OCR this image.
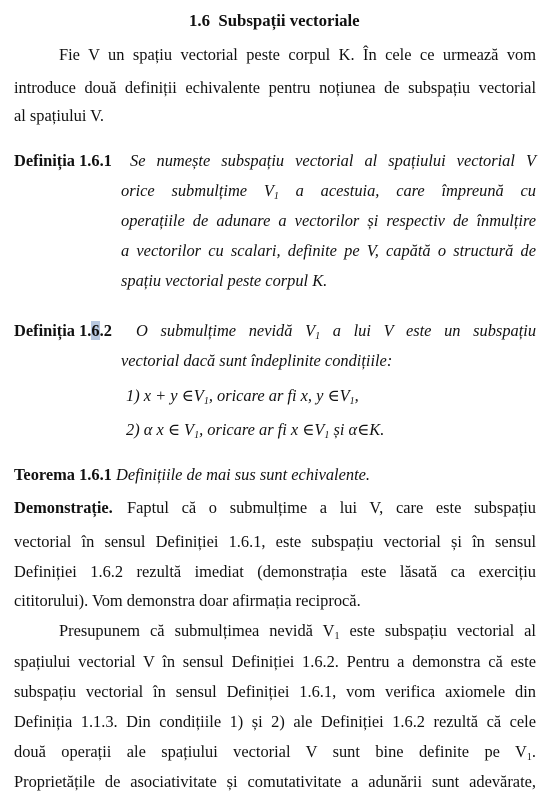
1.6 Subspații vectoriale
Fie V un spațiu vectorial peste corpul K. În cele ce urmează vom
introduce două definiții echivalente pentru noțiunea de subspațiu vectorial
al spațiului V.
Definiția 1.6.1 Se numește subspațiu vectorial al spațiului vectorial V
orice submulțime $V_1$ a acestuia, care împreună cu
operațiile de adunare a vectorilor și respectiv de înmulțire
a vectorilor cu scalari, definite pe V, capătă o structură de
spațiu vectorial peste corpul K.
Definiția 1.6.2 O submulțime nevidă $V_1$ a lui V este un subspațiu
vectorial dacă sunt îndeplinite condițiile:
1) x + y $\in V_1$, oricare ar fi x, y $\in V_1$,
2) α x ∈ $V_1$, oricare ar fi x $\in V_1$ și α∈K.
Teorema 1.6.1 Definițiile de mai sus sunt echivalente.
Demonstrație. Faptul că o submulțime a lui V, care este subspațiu
vectorial în sensul Definiției 1.6.1, este subspațiu vectorial și în sensul
Definiției 1.6.2 rezultă imediat (demonstrația este lăsată ca exercițiu
cititorului). Vom demonstra doar afirmația reciprocă.
Presupunem că submulțimea nevidă $V_1$ este subspațiu vectorial al
spațiului vectorial V în sensul Definiției 1.6.2. Pentru a demonstra că este
subspațiu vectorial în sensul Definiției 1.6.1, vom verifica axiomele din
Definiția 1.1.3. Din condițiile 1) și 2) ale Definiției 1.6.2 rezultă că cele
două operații ale spațiului vectorial V sunt bine definite pe $V_1$.
Proprietățile de asociativitate și comutativitate a adunării sunt adevărate,
